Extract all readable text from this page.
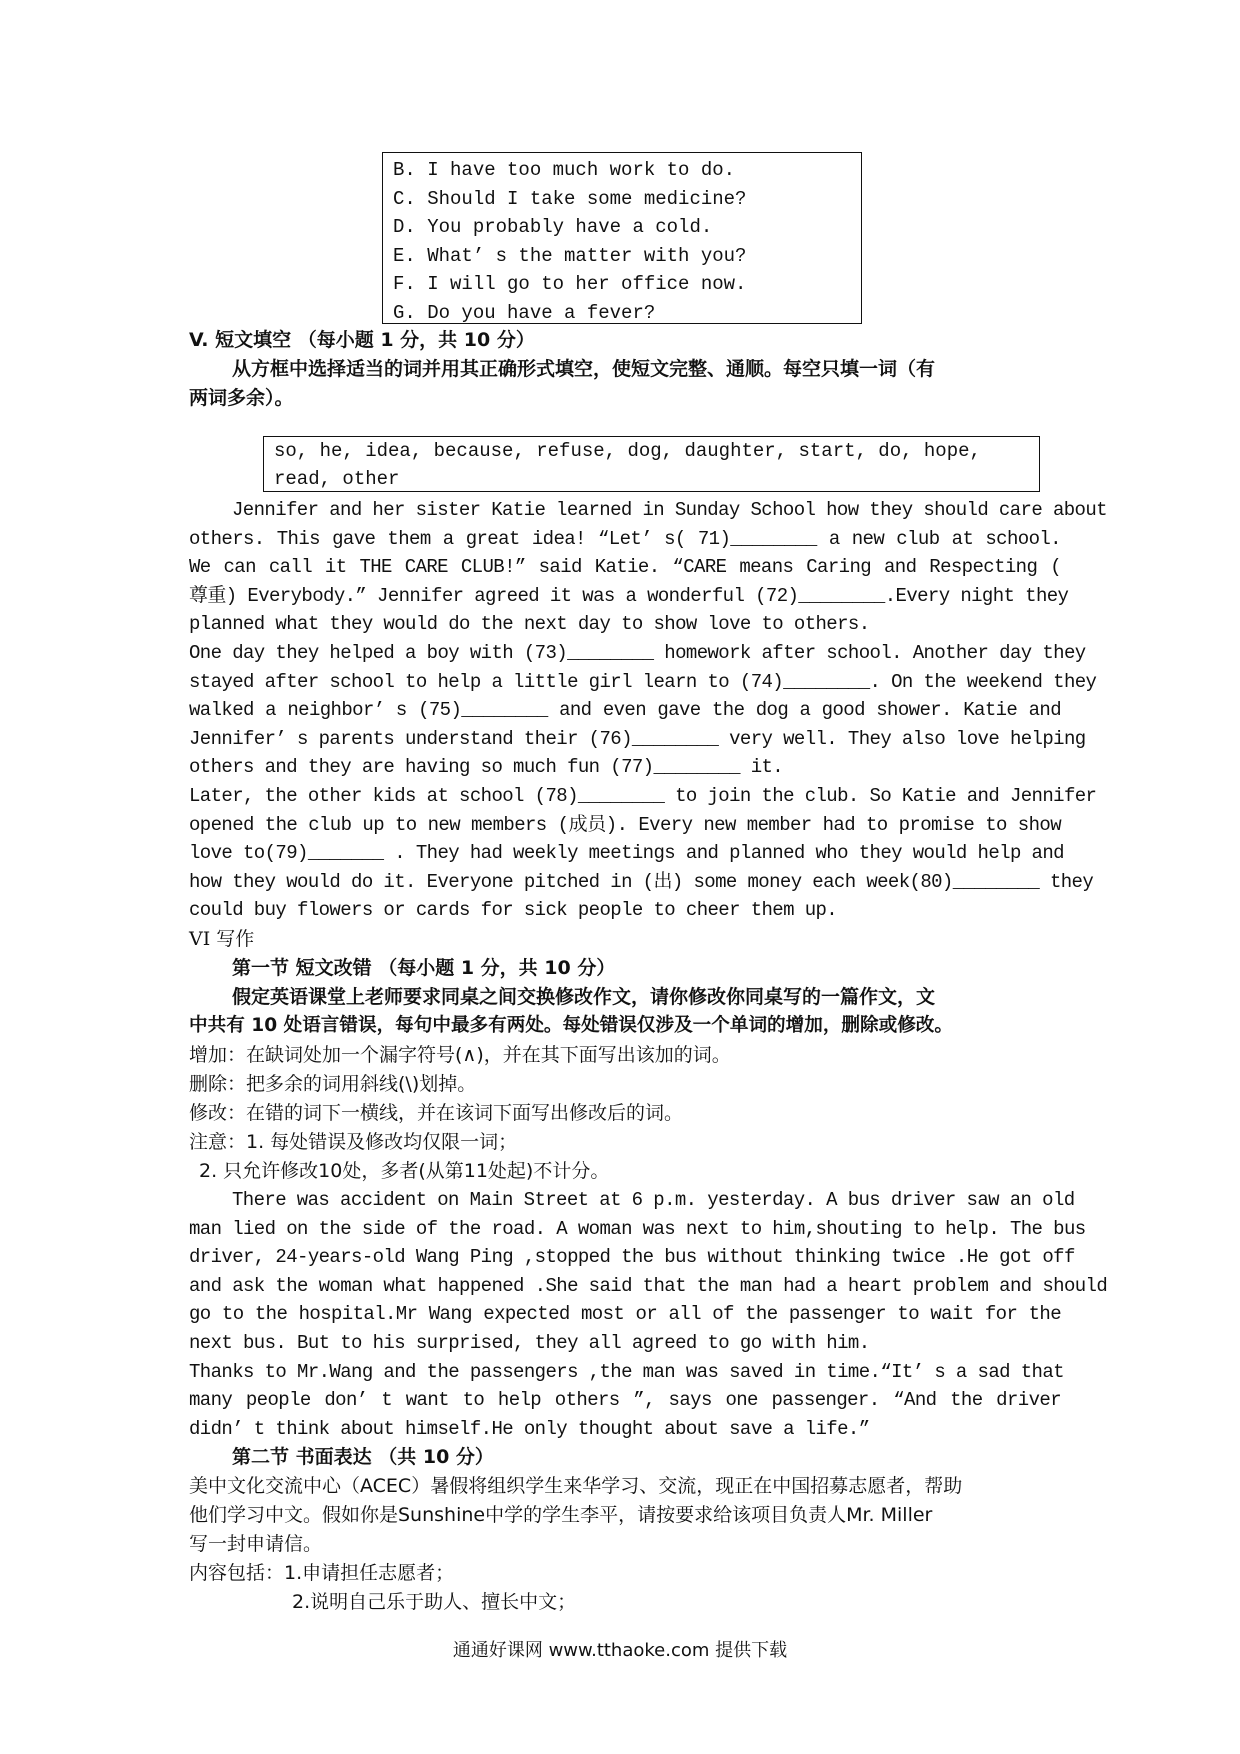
B. I have too much work to do.
C. Should I take some medicine?
D. You probably have a cold.
E. What’ s the matter with you?
F. I will go to her office now.
G. Do you have a fever?
V. 短文填空 （每小题 1 分，共 10 分）
从方框中选择适当的词并用其正确形式填空，使短文完整、通顺。每空只填一词（有
两词多余）。
so, he, idea, because, refuse, dog, daughter, start, do, hope, read, other
Jennifer and her sister Katie learned in Sunday School how they should care about
others. This gave them a great idea! “Let’ s( 71)________ a new club at school.
We can call it THE CARE CLUB!” said Katie. “CARE means Caring and Respecting (
尊重) Everybody.” Jennifer agreed it was a wonderful (72)________.Every night they
planned what they would do the next day to show love to others.
One day they helped a boy with (73)________ homework after school. Another day they
stayed after school to help a little girl learn to (74)________. On the weekend they
walked a neighbor’ s (75)________ and even gave the dog a good shower. Katie and
Jennifer’ s parents understand their (76)________ very well. They also love helping
others and they are having so much fun (77)________ it.
Later, the other kids at school (78)________ to join the club. So Katie and Jennifer
opened the club up to new members (成员). Every new member had to promise to show
love to(79)_______ . They had weekly meetings and planned who they would help and
how they would do it. Everyone pitched in (出) some money each week(80)________ they
could buy flowers or cards for sick people to cheer them up.
VI 写作
第一节 短文改错 （每小题 1 分，共 10 分）
假定英语课堂上老师要求同桌之间交换修改作文，请你修改你同桌写的一篇作文，文
中共有 10 处语言错误，每句中最多有两处。每处错误仅涉及一个单词的增加，删除或修改。
增加：在缺词处加一个漏字符号(∧)，并在其下面写出该加的词。
删除：把多余的词用斜线(\)划掉。
修改：在错的词下一横线，并在该词下面写出修改后的词。
注意：1. 每处错误及修改均仅限一词；
2. 只允许修改10处，多者(从第11处起)不计分。
There was accident on Main Street at 6 p.m. yesterday. A bus driver saw an old
man lied on the side of the road. A woman was next to him,shouting to help. The bus
driver, 24-years-old Wang Ping ,stopped the bus without thinking twice .He got off
and ask the woman what happened .She said that the man had a heart problem and should
go to the hospital.Mr Wang expected most or all of the passenger to wait for the
next bus. But to his surprised, they all agreed to go with him.
Thanks to Mr.Wang and the passengers ,the man was saved in time.“It’ s a sad that
many people don’ t want to help others ”, says one passenger. “And the driver
didn’ t think about himself.He only thought about save a life.”
第二节 书面表达 （共 10 分）
美中文化交流中心（ACEC）暑假将组织学生来华学习、交流，现正在中国招募志愿者，帮助
他们学习中文。假如你是Sunshine中学的学生李平，请按要求给该项目负责人Mr. Miller
写一封申请信。
内容包括：1.申请担任志愿者；
2.说明自己乐于助人、擅长中文；
通通好课网 www.tthaoke.com 提供下载
